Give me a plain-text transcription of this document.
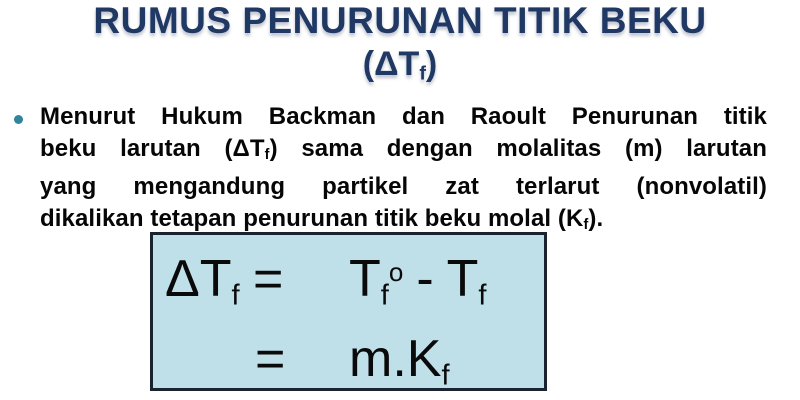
RUMUS PENURUNAN TITIK BEKU
(ΔTf)
Menurut Hukum Backman dan Raoult Penurunan titik
beku larutan (ΔTf) sama dengan molalitas (m) larutan
yang mengandung partikel zat terlarut (nonvolatil)
dikalikan tetapan penurunan titik beku molal (Kf).
$\Delta Tf = Tf^o - Tf$
= m.Kf
